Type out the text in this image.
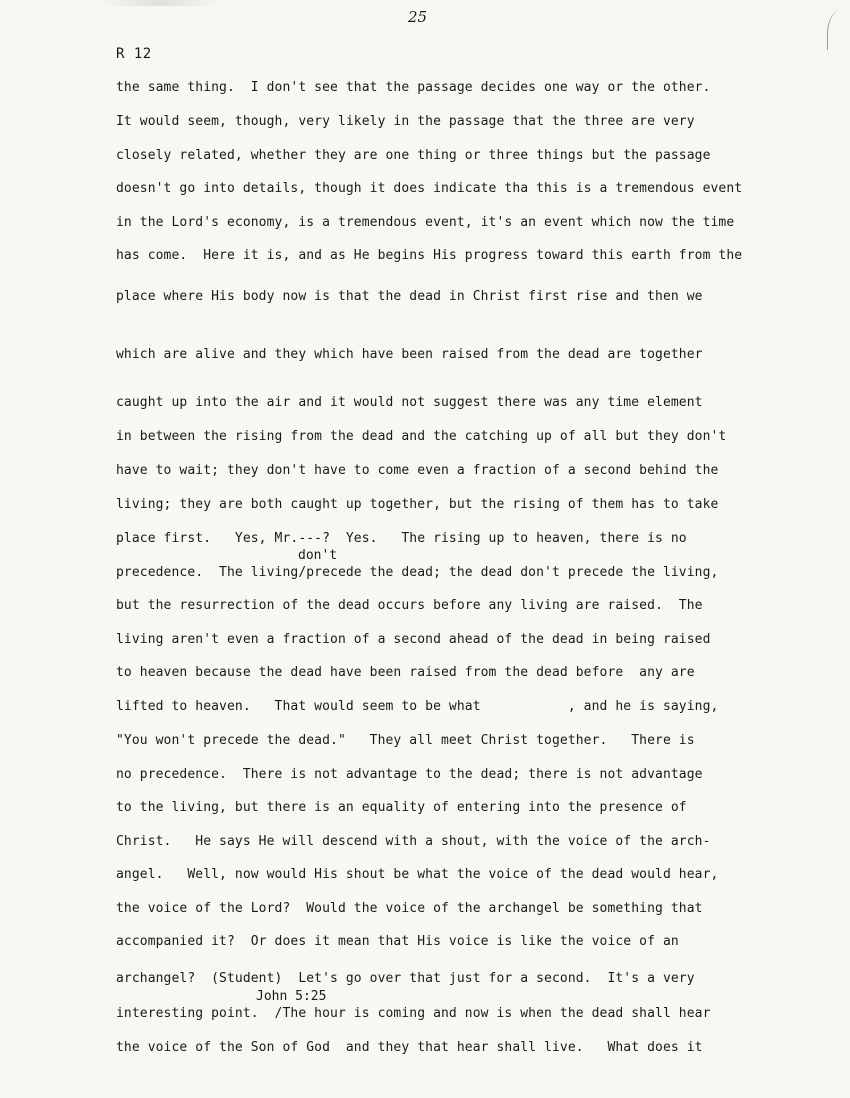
25
R 12
the same thing.  I don't see that the passage decides one way or the other.
It would seem, though, very likely in the passage that the three are very
closely related, whether they are one thing or three things but the passage
doesn't go into details, though it does indicate tha this is a tremendous event
in the Lord's economy, is a tremendous event, it's an event which now the time
has come.  Here it is, and as He begins His progress toward this earth from the
place where His body now is that the dead in Christ first rise and then we
which are alive and they which have been raised from the dead are together
caught up into the air and it would not suggest there was any time element
in between the rising from the dead and the catching up of all but they don't
have to wait; they don't have to come even a fraction of a second behind the
living; they are both caught up together, but the rising of them has to take
place first.   Yes, Mr.---?  Yes.   The rising up to heaven, there is no
don't
precedence.  The living/precede the dead; the dead don't precede the living,
but the resurrection of the dead occurs before any living are raised.  The
living aren't even a fraction of a second ahead of the dead in being raised
to heaven because the dead have been raised from the dead before  any are
lifted to heaven.   That would seem to be what           , and he is saying,
"You won't precede the dead."   They all meet Christ together.   There is
no precedence.  There is not advantage to the dead; there is not advantage
to the living, but there is an equality of entering into the presence of
Christ.   He says He will descend with a shout, with the voice of the arch-
angel.   Well, now would His shout be what the voice of the dead would hear,
the voice of the Lord?  Would the voice of the archangel be something that
accompanied it?  Or does it mean that His voice is like the voice of an
archangel?  (Student)  Let's go over that just for a second.  It's a very
John 5:25
interesting point.  /The hour is coming and now is when the dead shall hear
the voice of the Son of God  and they that hear shall live.   What does it
